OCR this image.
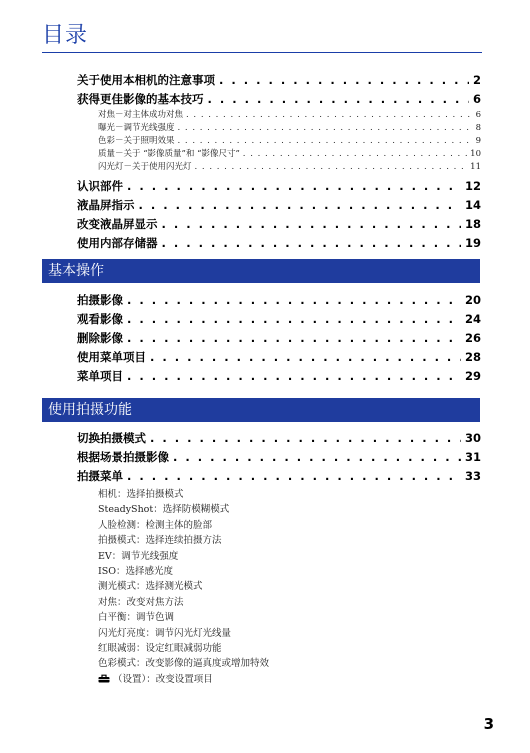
目录
关于使用本相机的注意事项 . . .	2
获得更佳影像的基本技巧 . . .	6
对焦－对主体成功对焦 . . .	6
曝光－调节光线强度 . . .	8
色彩－关于照明效果 . . .	9
质量－关于 “影像质量”和 “影像尺寸” . . .	10
闪光灯－关于使用闪光灯 . . .	11
认识部件 . . .	12
液晶屏指示 . . .	14
改变液晶屏显示 . . .	18
使用内部存储器 . . .	19
基本操作
拍摄影像 . . .	20
观看影像 . . .	24
删除影像 . . .	26
使用菜单项目 . . .	28
菜单项目 . . .	29
使用拍摄功能
切换拍摄模式 . . .	30
根据场景拍摄影像 . . .	31
拍摄菜单 . . .	33
相机：选择拍摄模式
SteadyShot：选择防模糊模式
人脸检测：检测主体的脸部
拍摄模式：选择连续拍摄方法
EV：调节光线强度
ISO：选择感光度
测光模式：选择测光模式
对焦：改变对焦方法
白平衡：调节色调
闪光灯亮度：调节闪光灯光线量
红眼减弱：设定红眼减弱功能
色彩模式：改变影像的逼真度或增加特效
（设置）：改变设置项目
3
